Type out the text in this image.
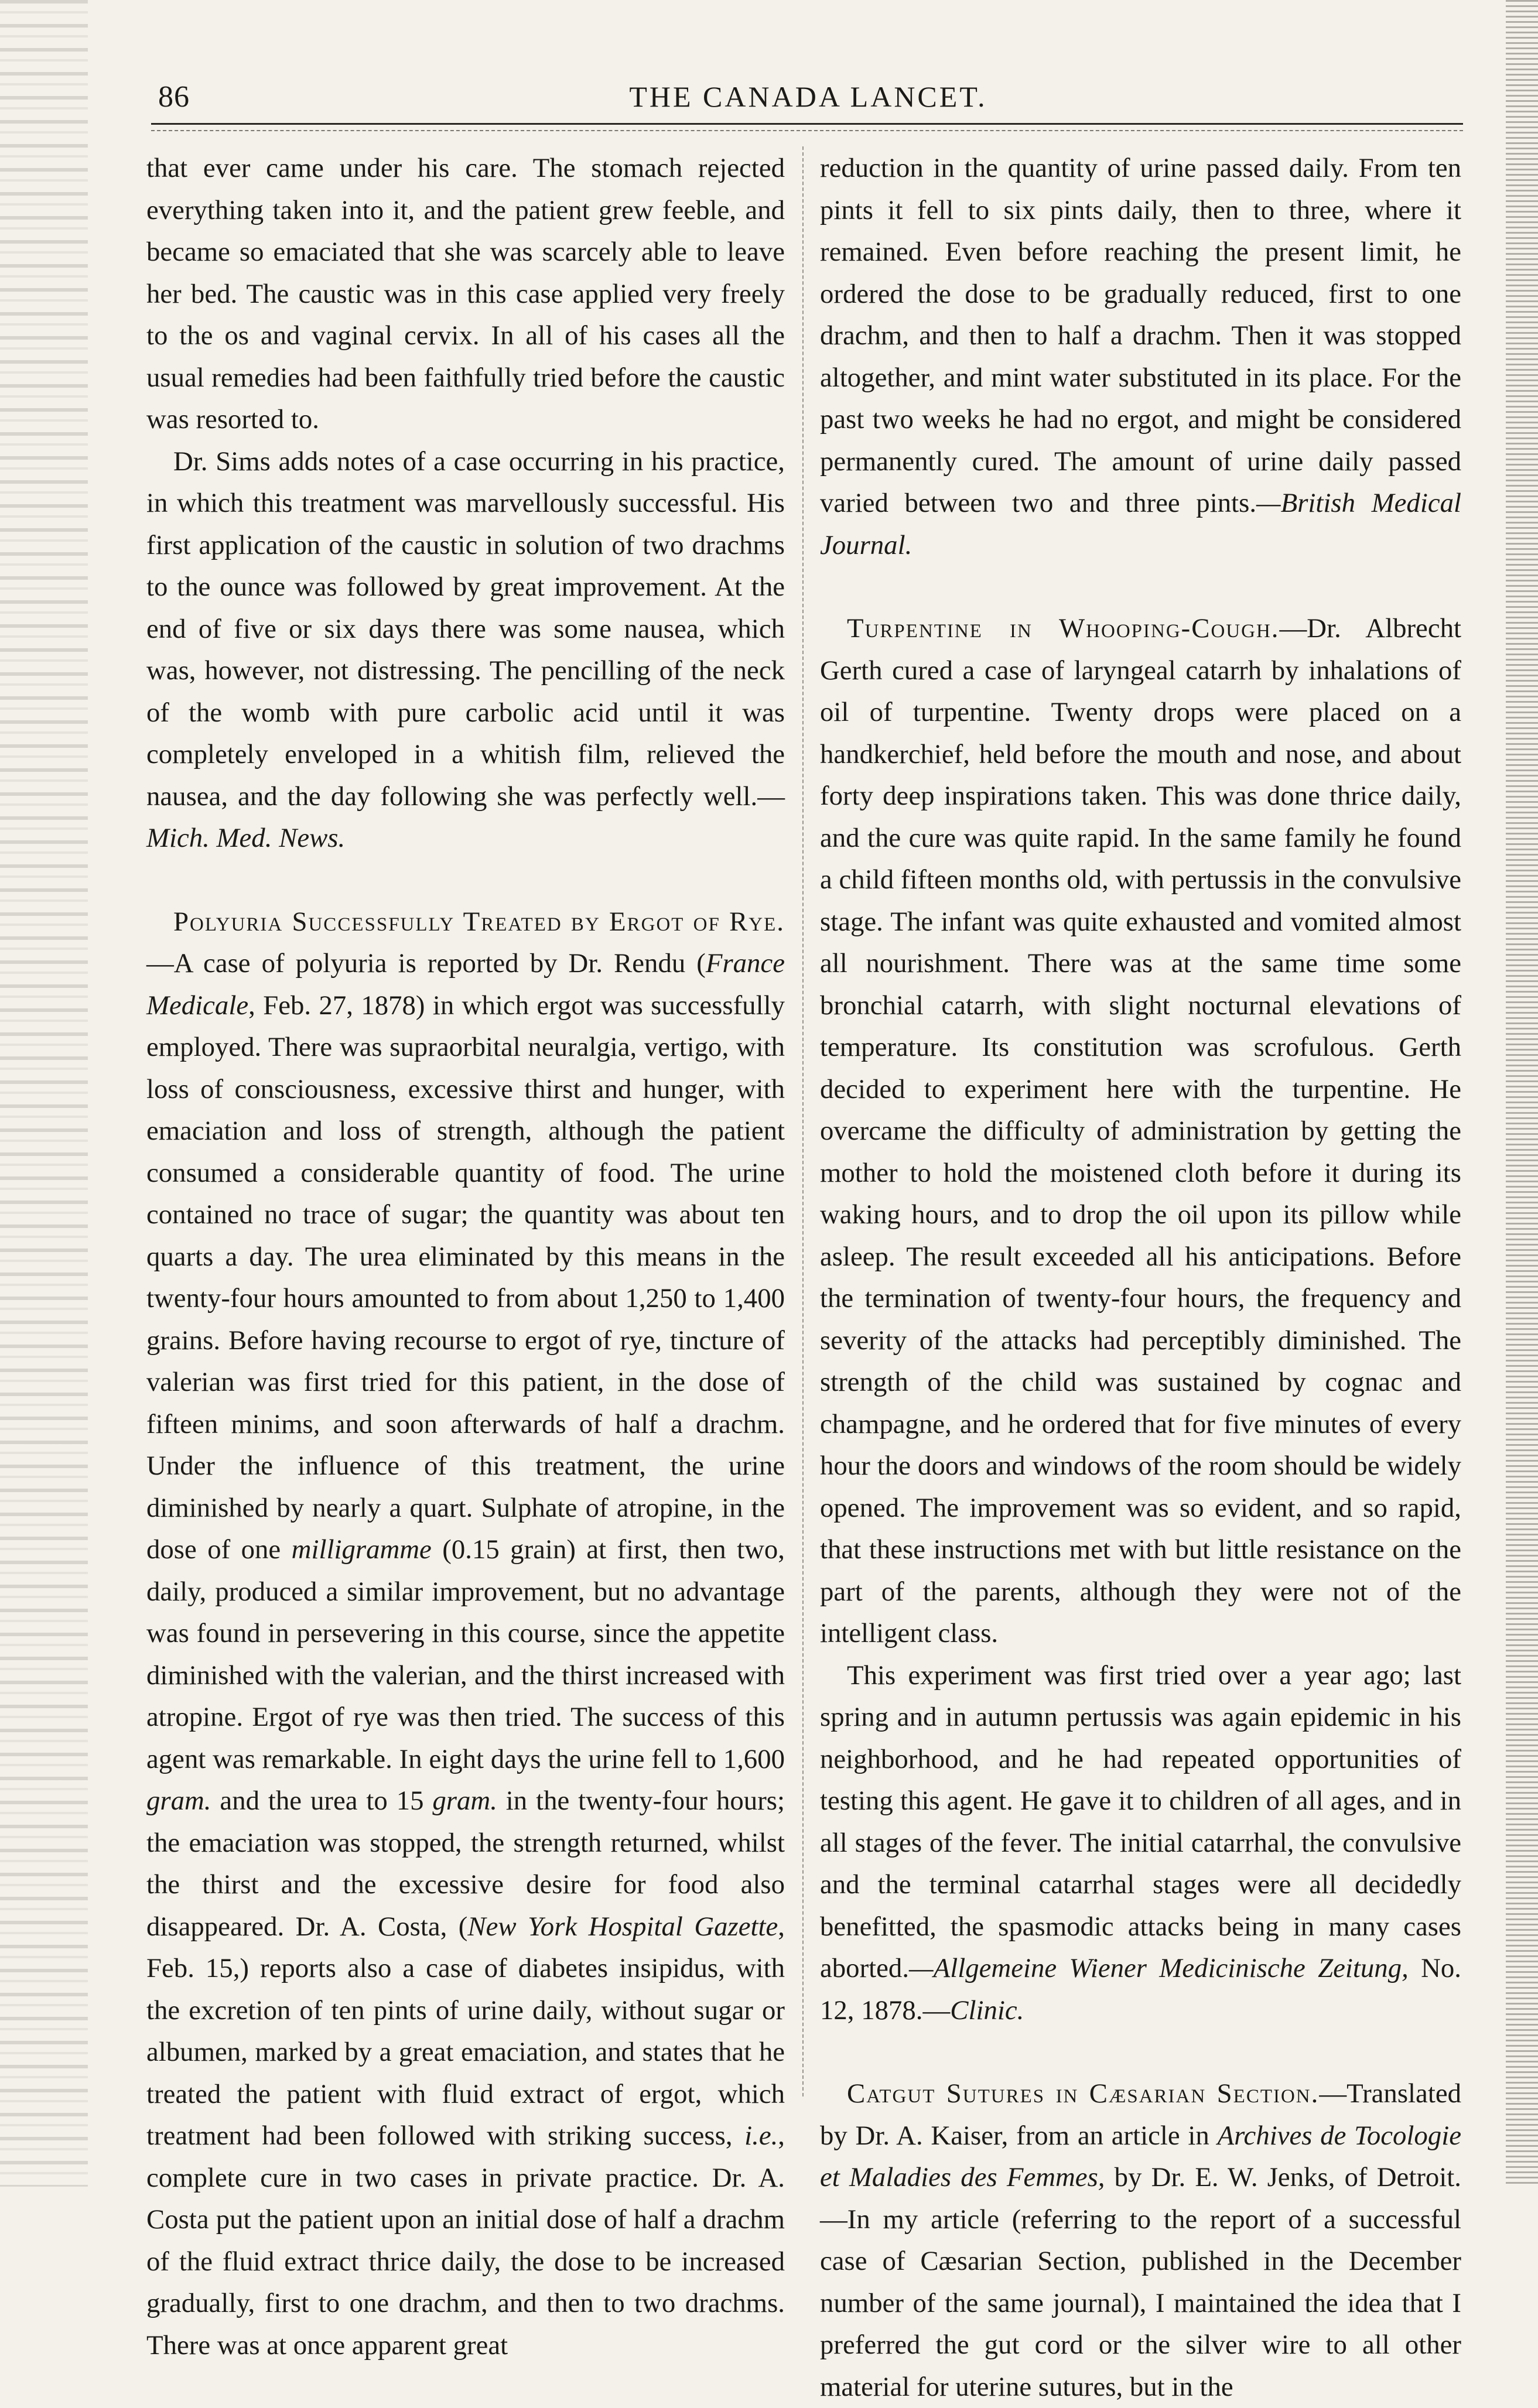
86	THE CANADA LANCET.

that ever came under his care. The stomach rejected everything taken into it, and the patient grew feeble, and became so emaciated that she was scarcely able to leave her bed. The caustic was in this case applied very freely to the os and vaginal cervix. In all of his cases all the usual remedies had been faithfully tried before the caustic was resorted to.

Dr. Sims adds notes of a case occurring in his practice, in which this treatment was marvellously successful. His first application of the caustic in solution of two drachms to the ounce was followed by great improvement. At the end of five or six days there was some nausea, which was, however, not distressing. The pencilling of the neck of the womb with pure carbolic acid until it was completely enveloped in a whitish film, relieved the nausea, and the day following she was perfectly well.—Mich. Med. News.

Polyuria Successfully Treated by Ergot of Rye.—A case of polyuria is reported by Dr. Rendu (France Medicale, Feb. 27, 1878) in which ergot was successfully employed. There was supraorbital neuralgia, vertigo, with loss of consciousness, excessive thirst and hunger, with emaciation and loss of strength, although the patient consumed a considerable quantity of food. The urine contained no trace of sugar; the quantity was about ten quarts a day. The urea eliminated by this means in the twenty-four hours amounted to from about 1,250 to 1,400 grains. Before having recourse to ergot of rye, tincture of valerian was first tried for this patient, in the dose of fifteen minims, and soon afterwards of half a drachm. Under the influence of this treatment, the urine diminished by nearly a quart. Sulphate of atropine, in the dose of one milligramme (0.15 grain) at first, then two, daily, produced a similar improvement, but no advantage was found in persevering in this course, since the appetite diminished with the valerian, and the thirst increased with atropine. Ergot of rye was then tried. The success of this agent was remarkable. In eight days the urine fell to 1,600 gram. and the urea to 15 gram. in the twenty-four hours; the emaciation was stopped, the strength returned, whilst the thirst and the excessive desire for food also disappeared. Dr. A. Costa, (New York Hospital Gazette, Feb. 15,) reports also a case of diabetes insipidus, with the excretion of ten pints of urine daily, without sugar or albumen, marked by a great emaciation, and states that he treated the patient with fluid extract of ergot, which treatment had been followed with striking success, i.e., complete cure in two cases in private practice. Dr. A. Costa put the patient upon an initial dose of half a drachm of the fluid extract thrice daily, the dose to be increased gradually, first to one drachm, and then to two drachms. There was at once apparent great

reduction in the quantity of urine passed daily. From ten pints it fell to six pints daily, then to three, where it remained. Even before reaching the present limit, he ordered the dose to be gradually reduced, first to one drachm, and then to half a drachm. Then it was stopped altogether, and mint water substituted in its place. For the past two weeks he had no ergot, and might be considered permanently cured. The amount of urine daily passed varied between two and three pints.—British Medical Journal.

Turpentine in Whooping-Cough.—Dr. Albrecht Gerth cured a case of laryngeal catarrh by inhalations of oil of turpentine. Twenty drops were placed on a handkerchief, held before the mouth and nose, and about forty deep inspirations taken. This was done thrice daily, and the cure was quite rapid. In the same family he found a child fifteen months old, with pertussis in the convulsive stage. The infant was quite exhausted and vomited almost all nourishment. There was at the same time some bronchial catarrh, with slight nocturnal elevations of temperature. Its constitution was scrofulous. Gerth decided to experiment here with the turpentine. He overcame the difficulty of administration by getting the mother to hold the moistened cloth before it during its waking hours, and to drop the oil upon its pillow while asleep. The result exceeded all his anticipations. Before the termination of twenty-four hours, the frequency and severity of the attacks had perceptibly diminished. The strength of the child was sustained by cognac and champagne, and he ordered that for five minutes of every hour the doors and windows of the room should be widely opened. The improvement was so evident, and so rapid, that these instructions met with but little resistance on the part of the parents, although they were not of the intelligent class.

This experiment was first tried over a year ago; last spring and in autumn pertussis was again epidemic in his neighborhood, and he had repeated opportunities of testing this agent. He gave it to children of all ages, and in all stages of the fever. The initial catarrhal, the convulsive and the terminal catarrhal stages were all decidedly benefitted, the spasmodic attacks being in many cases aborted.—Allgemeine Wiener Medicinische Zeitung, No. 12, 1878.—Clinic.

Catgut Sutures in Cæsarian Section.—Translated by Dr. A. Kaiser, from an article in Archives de Tocologie et Maladies des Femmes, by Dr. E. W. Jenks, of Detroit.—In my article (referring to the report of a successful case of Cæsarian Section, published in the December number of the same journal), I maintained the idea that I preferred the gut cord or the silver wire to all other material for uterine sutures, but in the
